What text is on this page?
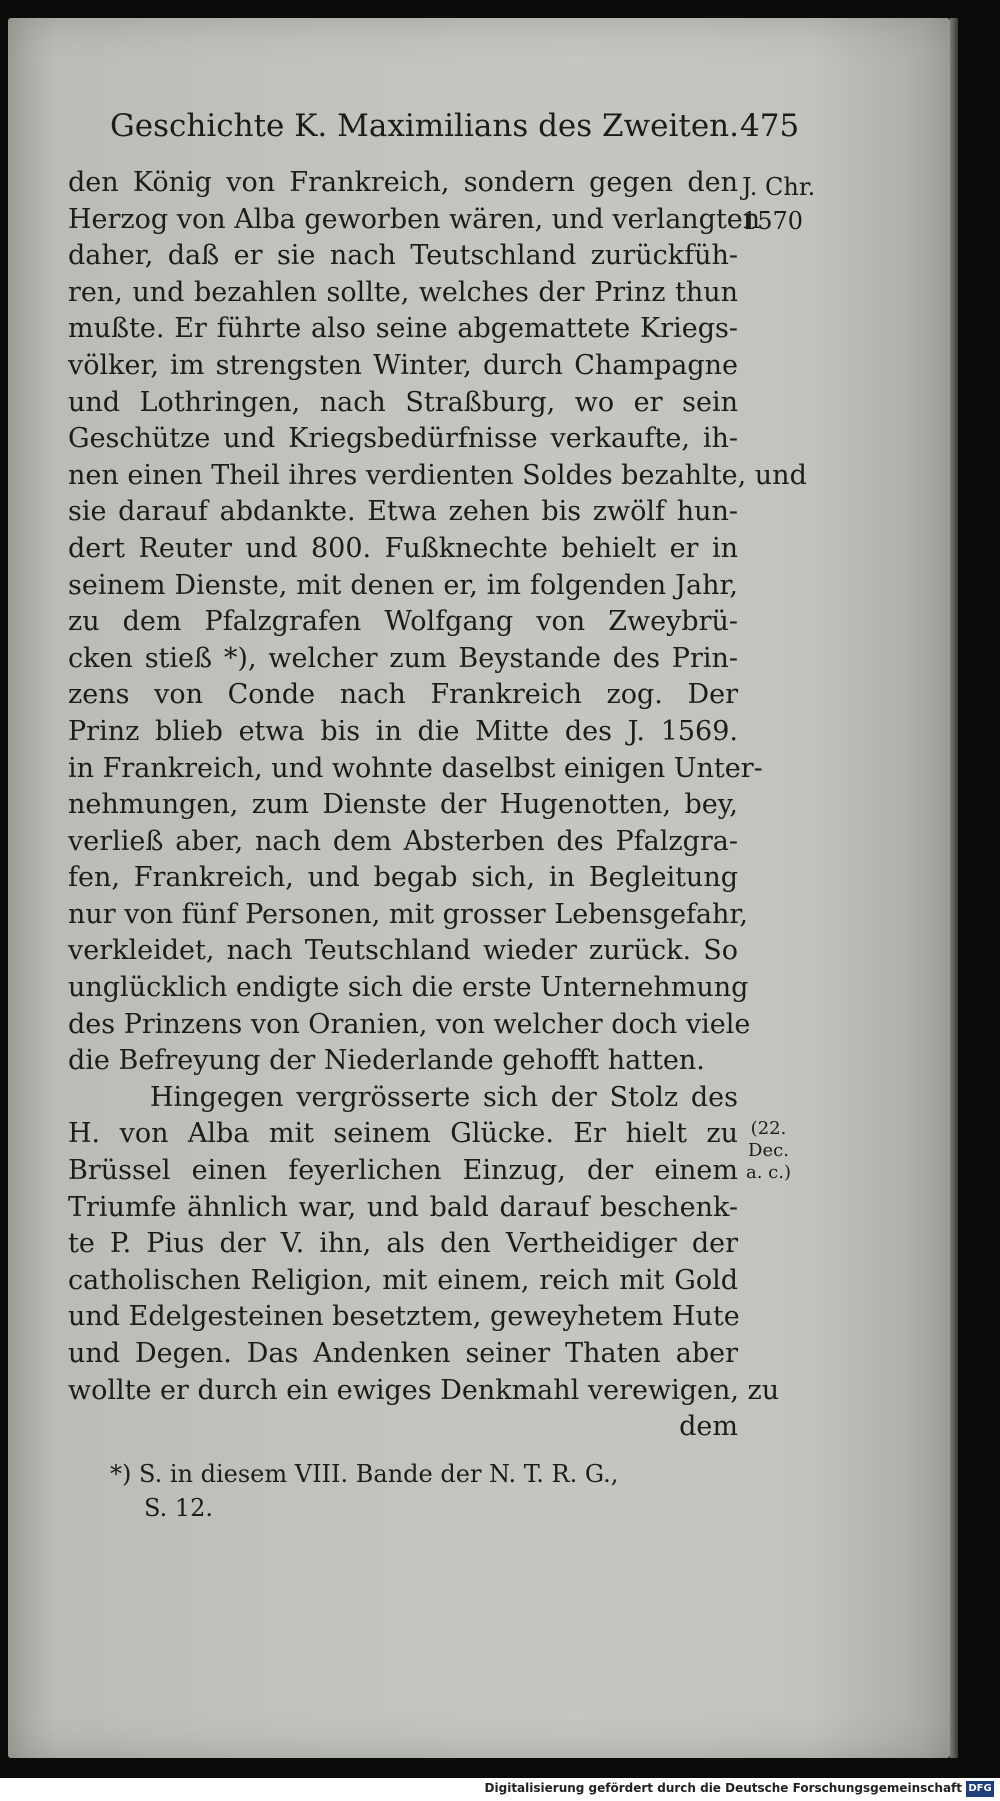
Geschichte K. Maximilians des Zweiten. 475
J. Chr.
1570
(22.
Dec.
a. c.)
den König von Frankreich, sondern gegen den
Herzog von Alba geworben wären, und verlangten
daher, daß er sie nach Teutschland zurückfüh-
ren, und bezahlen sollte, welches der Prinz thun
mußte. Er führte also seine abgemattete Kriegs-
völker, im strengsten Winter, durch Champagne
und Lothringen, nach Straßburg, wo er sein
Geschütze und Kriegsbedürfnisse verkaufte, ih-
nen einen Theil ihres verdienten Soldes bezahlte, und
sie darauf abdankte. Etwa zehen bis zwölf hun-
dert Reuter und 800. Fußknechte behielt er in
seinem Dienste, mit denen er, im folgenden Jahr,
zu dem Pfalzgrafen Wolfgang von Zweybrü-
cken stieß *), welcher zum Beystande des Prin-
zens von Conde nach Frankreich zog. Der
Prinz blieb etwa bis in die Mitte des J. 1569.
in Frankreich, und wohnte daselbst einigen Unter-
nehmungen, zum Dienste der Hugenotten, bey,
verließ aber, nach dem Absterben des Pfalzgra-
fen, Frankreich, und begab sich, in Begleitung
nur von fünf Personen, mit grosser Lebensgefahr,
verkleidet, nach Teutschland wieder zurück. So
unglücklich endigte sich die erste Unternehmung
des Prinzens von Oranien, von welcher doch viele
die Befreyung der Niederlande gehofft hatten.
Hingegen vergrösserte sich der Stolz des
H. von Alba mit seinem Glücke. Er hielt zu
Brüssel einen feyerlichen Einzug, der einem
Triumfe ähnlich war, und bald darauf beschenk-
te P. Pius der V. ihn, als den Vertheidiger der
catholischen Religion, mit einem, reich mit Gold
und Edelgesteinen besetztem, geweyhetem Hute
und Degen. Das Andenken seiner Thaten aber
wollte er durch ein ewiges Denkmahl verewigen, zu
dem
*) S. in diesem VIII. Bande der N. T. R. G.,
S. 12.
Digitalisierung gefördert durch die Deutsche Forschungsgemeinschaft DFG
